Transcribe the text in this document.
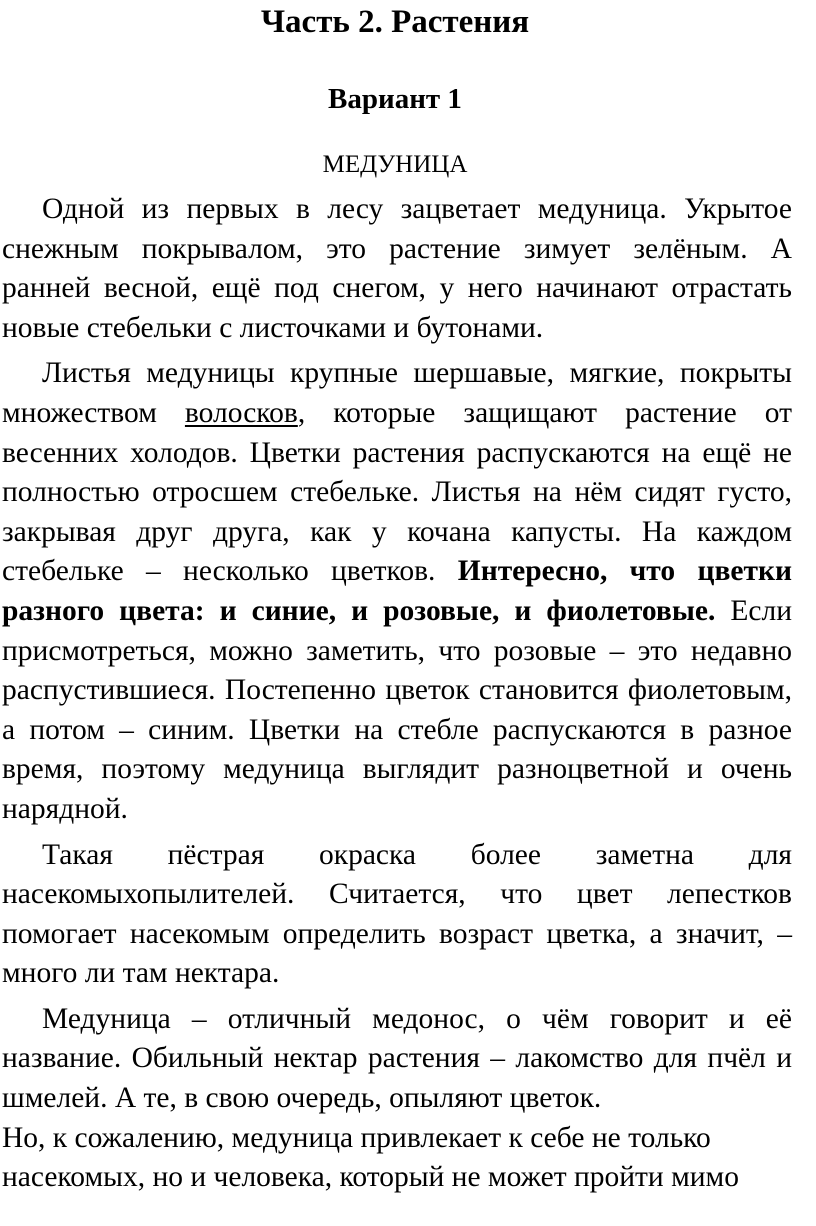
Часть 2. Растения
Вариант 1
МЕДУНИЦА

Одной из первых в лесу зацветает медуница. Укрытое снежным покрывалом, это растение зимует зелёным. А ранней весной, ещё под снегом, у него начинают отрастать новые стебельки с листочками и бутонами.

Листья медуницы крупные шершавые, мягкие, покрыты множеством волосков, которые защищают растение от весенних холодов. Цветки растения распускаются на ещё не полностью отросшем стебельке. Листья на нём сидят густо, закрывая друг друга, как у кочана капусты. На каждом стебельке – несколько цветков. Интересно, что цветки разного цвета: и синие, и розовые, и фиолетовые. Если присмотреться, можно заметить, что розовые – это недавно распустившиеся. Постепенно цветок становится фиолетовым, а потом – синим. Цветки на стебле распускаются в разное время, поэтому медуница выглядит разноцветной и очень нарядной.

Такая пёстрая окраска более заметна для насекомыхопылителей. Считается, что цвет лепестков помогает насекомым определить возраст цветка, а значит, – много ли там нектара.

Медуница – отличный медонос, о чём говорит и её название. Обильный нектар растения – лакомство для пчёл и шмелей. А те, в свою очередь, опыляют цветок.

Но, к сожалению, медуница привлекает к себе не только

насекомых, но и человека, который не может пройти мимо
